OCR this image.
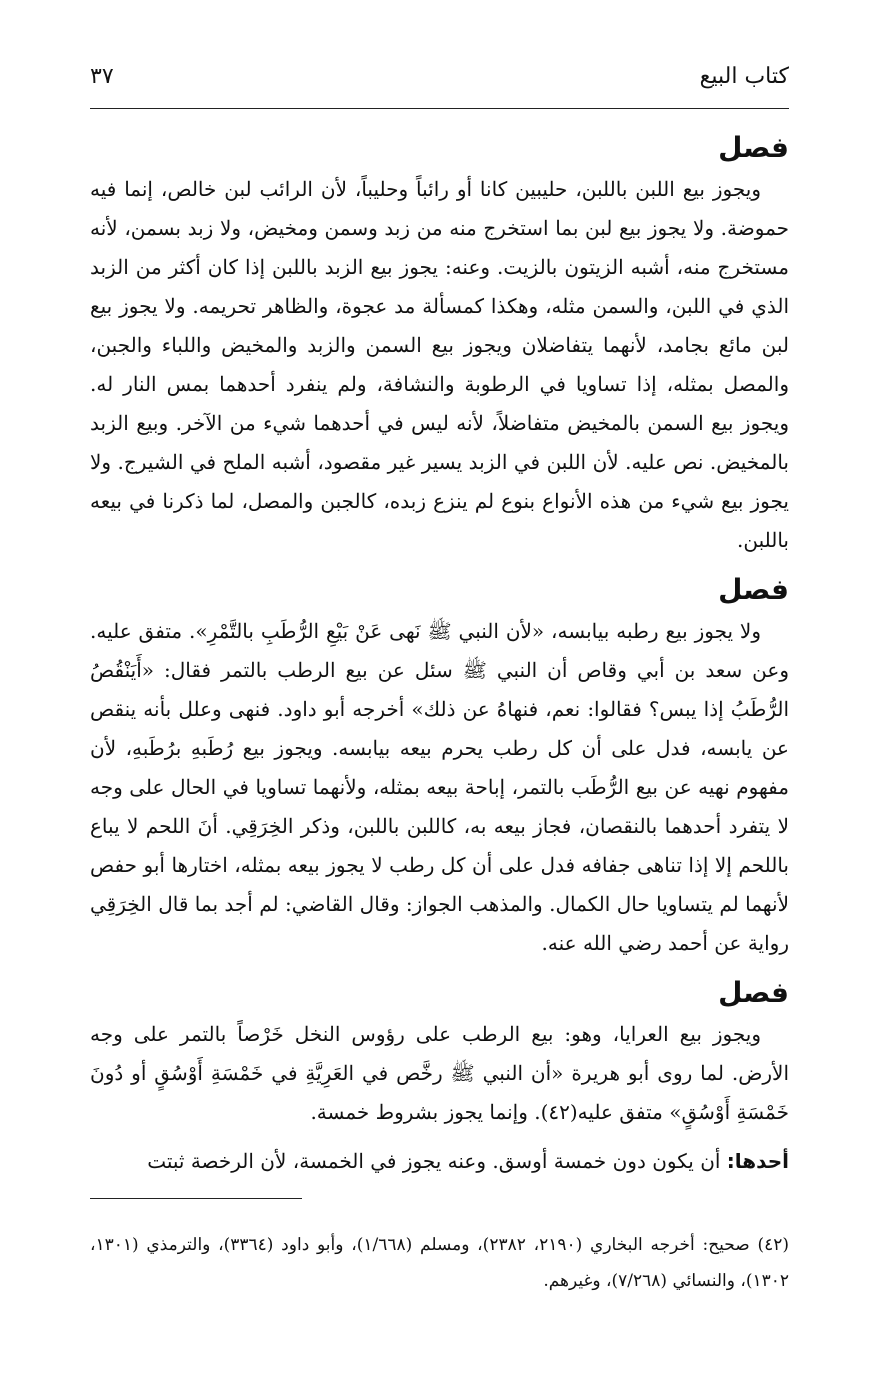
كتاب البيع
٣٧
فصل

ويجوز بيع اللبن باللبن، حليبين كانا أو رائباً وحليباً، لأن الرائب لبن خالص، إنما فيه حموضة. ولا يجوز بيع لبن بما استخرج منه من زبد وسمن ومخيض، ولا زبد بسمن، لأنه مستخرج منه، أشبه الزيتون بالزيت. وعنه: يجوز بيع الزبد باللبن إذا كان أكثر من الزبد الذي في اللبن، والسمن مثله، وهكذا كمسألة مد عجوة، والظاهر تحريمه. ولا يجوز بيع لبن مائع بجامد، لأنهما يتفاضلان ويجوز بيع السمن والزبد والمخيض واللباء والجبن، والمصل بمثله، إذا تساويا في الرطوبة والنشافة، ولم ينفرد أحدهما بمس النار له. ويجوز بيع السمن بالمخيض متفاضلاً، لأنه ليس في أحدهما شيء من الآخر. وبيع الزبد بالمخيض. نص عليه. لأن اللبن في الزبد يسير غير مقصود، أشبه الملح في الشيرج. ولا يجوز بيع شيء من هذه الأنواع بنوع لم ينزع زبده، كالجبن والمصل، لما ذكرنا في بيعه باللبن.

فصل

ولا يجوز بيع رطبه بيابسه، «لأن النبي ﷺ نَهى عَنْ بَيْعِ الرُّطَبِ بالتَّمْرِ». متفق عليه. وعن سعد بن أبي وقاص أن النبي ﷺ سئل عن بيع الرطب بالتمر فقال: «أَيَنْقُصُ الرُّطَبُ إذا يبس؟ فقالوا: نعم، فنهاهُ عن ذلك» أخرجه أبو داود. فنهى وعلل بأنه ينقص عن يابسه، فدل على أن كل رطب يحرم بيعه بيابسه. ويجوز بيع رُطَبهِ برُطَبهِ، لأن مفهوم نهيه عن بيع الرُّطَب بالتمر، إباحة بيعه بمثله، ولأنهما تساويا في الحال على وجه لا يتفرد أحدهما بالنقصان، فجاز بيعه به، كاللبن باللبن، وذكر الخِرَقِي. أنَ اللحم لا يباع باللحم إلا إذا تناهى جفافه فدل على أن كل رطب لا يجوز بيعه بمثله، اختارها أبو حفص لأنهما لم يتساويا حال الكمال. والمذهب الجواز: وقال القاضي: لم أجد بما قال الخِرَقِي رواية عن أحمد رضي الله عنه.

فصل

ويجوز بيع العرايا، وهو: بيع الرطب على رؤوس النخل خَرْصاً بالتمر على وجه الأرض. لما روى أبو هريرة «أن النبي ﷺ رخَّص في العَرِيَّةِ في خَمْسَةِ أَوْسُقٍ أو دُونَ خَمْسَةِ أَوْسُقٍ» متفق عليه(٤٢). وإنما يجوز بشروط خمسة.

أحدها: أن يكون دون خمسة أوسق. وعنه يجوز في الخمسة، لأن الرخصة ثبتت

(٤٢) صحيح: أخرجه البخاري (٢١٩٠، ٢٣٨٢)، ومسلم (١/٦٦٨)، وأبو داود (٣٣٦٤)، والترمذي (١٣٠١، ١٣٠٢)، والنسائي (٧/٢٦٨)، وغيرهم.
